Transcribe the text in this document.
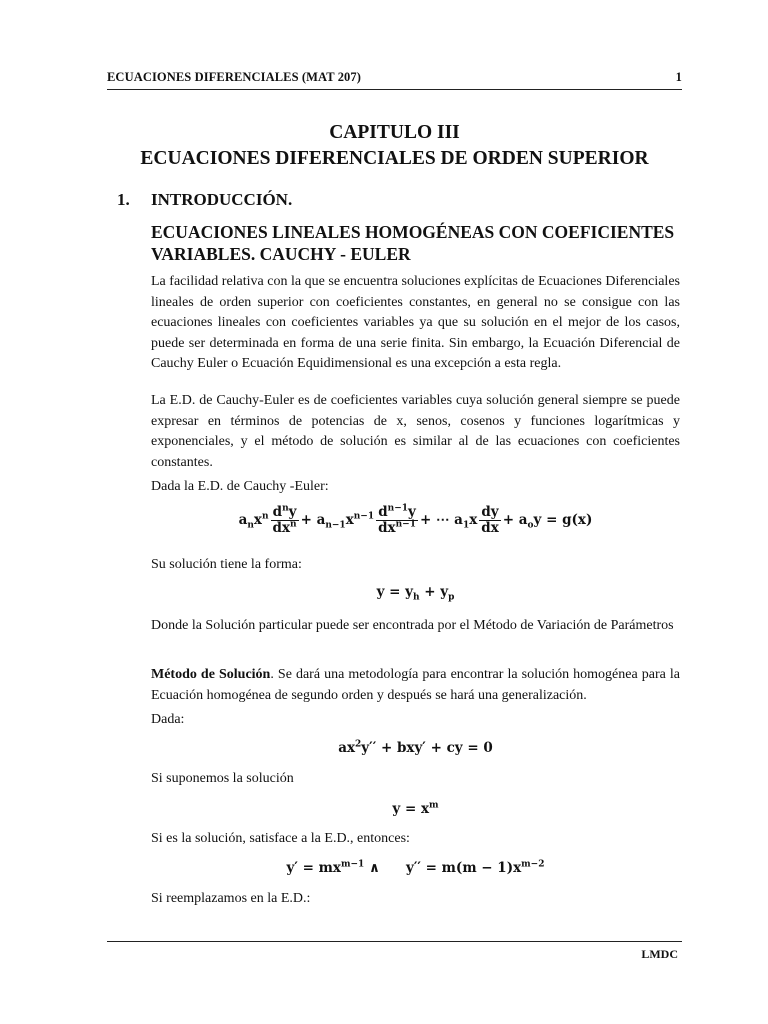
ECUACIONES DIFERENCIALES (MAT 207)	1
CAPITULO III
ECUACIONES DIFERENCIALES DE ORDEN SUPERIOR
1. INTRODUCCIÓN.
ECUACIONES LINEALES HOMOGÉNEAS CON COEFICIENTES VARIABLES. CAUCHY - EULER
La facilidad relativa con la que se encuentra soluciones explícitas de Ecuaciones Diferenciales lineales de orden superior con coeficientes constantes, en general no se consigue con las ecuaciones lineales con coeficientes variables ya que su solución en el mejor de los casos, puede ser determinada en forma de una serie finita. Sin embargo, la Ecuación Diferencial de Cauchy Euler o Ecuación Equidimensional es una excepción a esta regla.
La E.D. de Cauchy-Euler es de coeficientes variables cuya solución general siempre se puede expresar en términos de potencias de x, senos, cosenos y funciones logarítmicas y exponenciales, y el método de solución es similar al de las ecuaciones con coeficientes constantes.
Dada la E.D. de Cauchy -Euler:
$a_nx^n \frac{d^ny}{dx^n} + a_{n-1}x^{n-1} \frac{d^{n-1}y}{dx^{n-1}}$ + ⋯ $a_1x \frac{dy}{dx} + a_oy = g(x)$
Su solución tiene la forma:
$y = y_h + y_p$
Donde la Solución particular puede ser encontrada por el Método de Variación de Parámetros
Método de Solución. Se dará una metodología para encontrar la solución homogénea para la Ecuación homogénea de segundo orden y después se hará una generalización.
Dada:
$ax^2y'' + bxy'$ + cy = 0
Si suponemos la solución
$y = x^m$
Si es la solución, satisface a la E.D., entonces:
$y' = mx^{m-1}$ ∧ $y'' = m(m - 1)x^{m-2}$
Si reemplazamos en la E.D.:
LMDC
